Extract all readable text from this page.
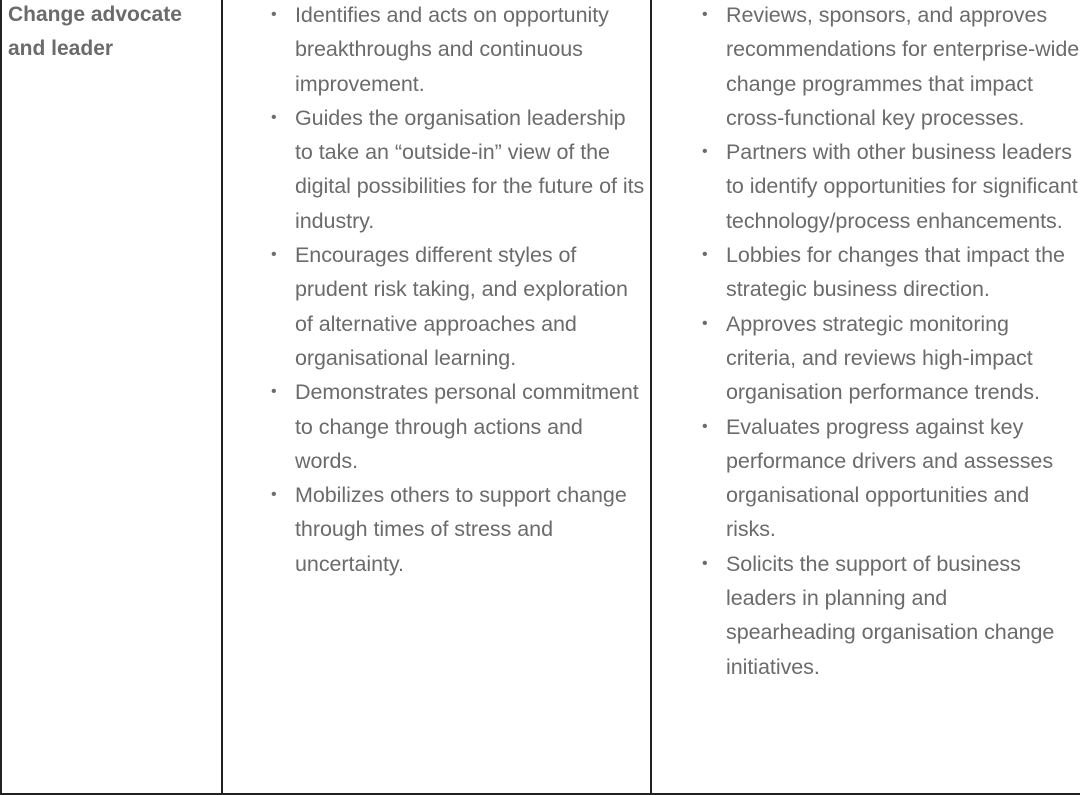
Change advocate
and leader

• Identifies and acts on opportunity breakthroughs and continuous improvement.
• Guides the organisation leadership to take an “outside-in” view of the digital possibilities for the future of its industry.
• Encourages different styles of prudent risk taking, and exploration of alternative approaches and organisational learning.
• Demonstrates personal commitment to change through actions and words.
• Mobilizes others to support change through times of stress and uncertainty.

• Reviews, sponsors, and approves recommendations for enterprise-wide change programmes that impact cross-functional key processes.
• Partners with other business leaders to identify opportunities for significant technology/process enhancements.
• Lobbies for changes that impact the strategic business direction.
• Approves strategic monitoring criteria, and reviews high-impact organisation performance trends.
• Evaluates progress against key performance drivers and assesses organisational opportunities and risks.
• Solicits the support of business leaders in planning and spearheading organisation change initiatives.
